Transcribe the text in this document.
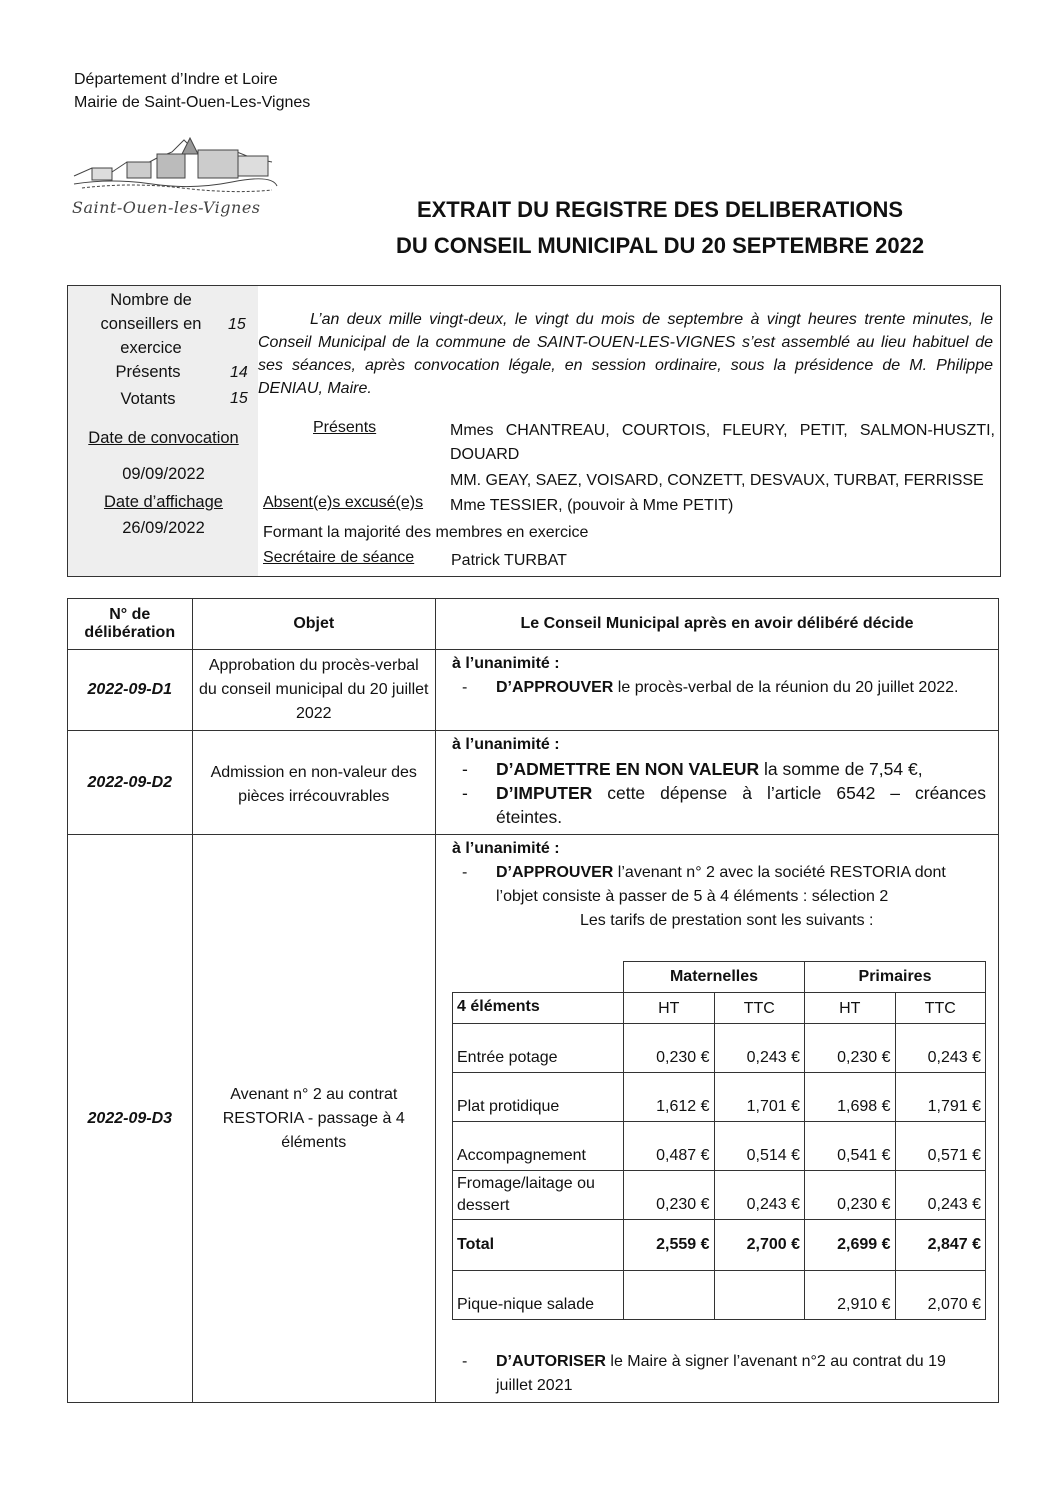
Département d’Indre et Loire
Mairie de Saint-Ouen-Les-Vignes
Saint-Ouen-les-Vignes	EXTRAIT DU REGISTRE DES DELIBERATIONS
DU CONSEIL MUNICIPAL DU 20 SEPTEMBRE 2022
Nombre de conseillers en exercice
15
Présents	14
Votants	15
Date de convocation
09/09/2022
Date d’affichage
26/09/2022
L’an deux mille vingt-deux, le vingt du mois de septembre à vingt heures trente minutes, le Conseil Municipal de la commune de SAINT-OUEN-LES-VIGNES s’est assemblé au lieu habituel de ses séances, après convocation légale, en session ordinaire, sous la présidence de M. Philippe DENIAU, Maire.
Présents	Mmes CHANTREAU, COURTOIS, FLEURY, PETIT, SALMON-HUSZTI, DOUARD
MM. GEAY, SAEZ, VOISARD, CONZETT, DESVAUX, TURBAT, FERRISSE
Absent(e)s excusé(e)s Mme TESSIER, (pouvoir à Mme PETIT)
Formant la majorité des membres en exercice
Secrétaire de séance Patrick TURBAT
N° de délibération	Objet	Le Conseil Municipal après en avoir délibéré décide
2022-09-D1	Approbation du procès-verbal du conseil municipal du 20 juillet 2022	
à l’unanimité :
- D’APPROUVER le procès-verbal de la réunion du 20 juillet 2022.

2022-09-D2	Admission en non-valeur des pièces irrécouvrables	
à l’unanimité :
- D’ADMETTRE EN NON VALEUR la somme de 7,54 €,
- D’IMPUTER cette dépense à l’article 6542 – créances éteintes.

2022-09-D3	Avenant n° 2 au contrat RESTORIA - passage à 4 éléments	
à l’unanimité :
- D’APPROUVER l’avenant n° 2 avec la société RESTORIA dont l’objet consiste à passer de 5 à 4 éléments : sélection 2
Les tarifs de prestation sont les suivants :
	Maternelles	Primaires
4 éléments	HT	TTC	HT	TTC
Entrée potage	0,230 €	0,243 €	0,230 €	0,243 €
Plat protidique	1,612 €	1,701 €	1,698 €	1,791 €
Accompagnement	0,487 €	0,514 €	0,541 €	0,571 €
Fromage/laitage ou dessert	0,230 €	0,243 €	0,230 €	0,243 €
Total	2,559 €	2,700 €	2,699 €	2,847 €
Pique-nique salade			2,910 €	2,070 €
- D’AUTORISER le Maire à signer l’avenant n°2 au contrat du 19 juillet 2021
